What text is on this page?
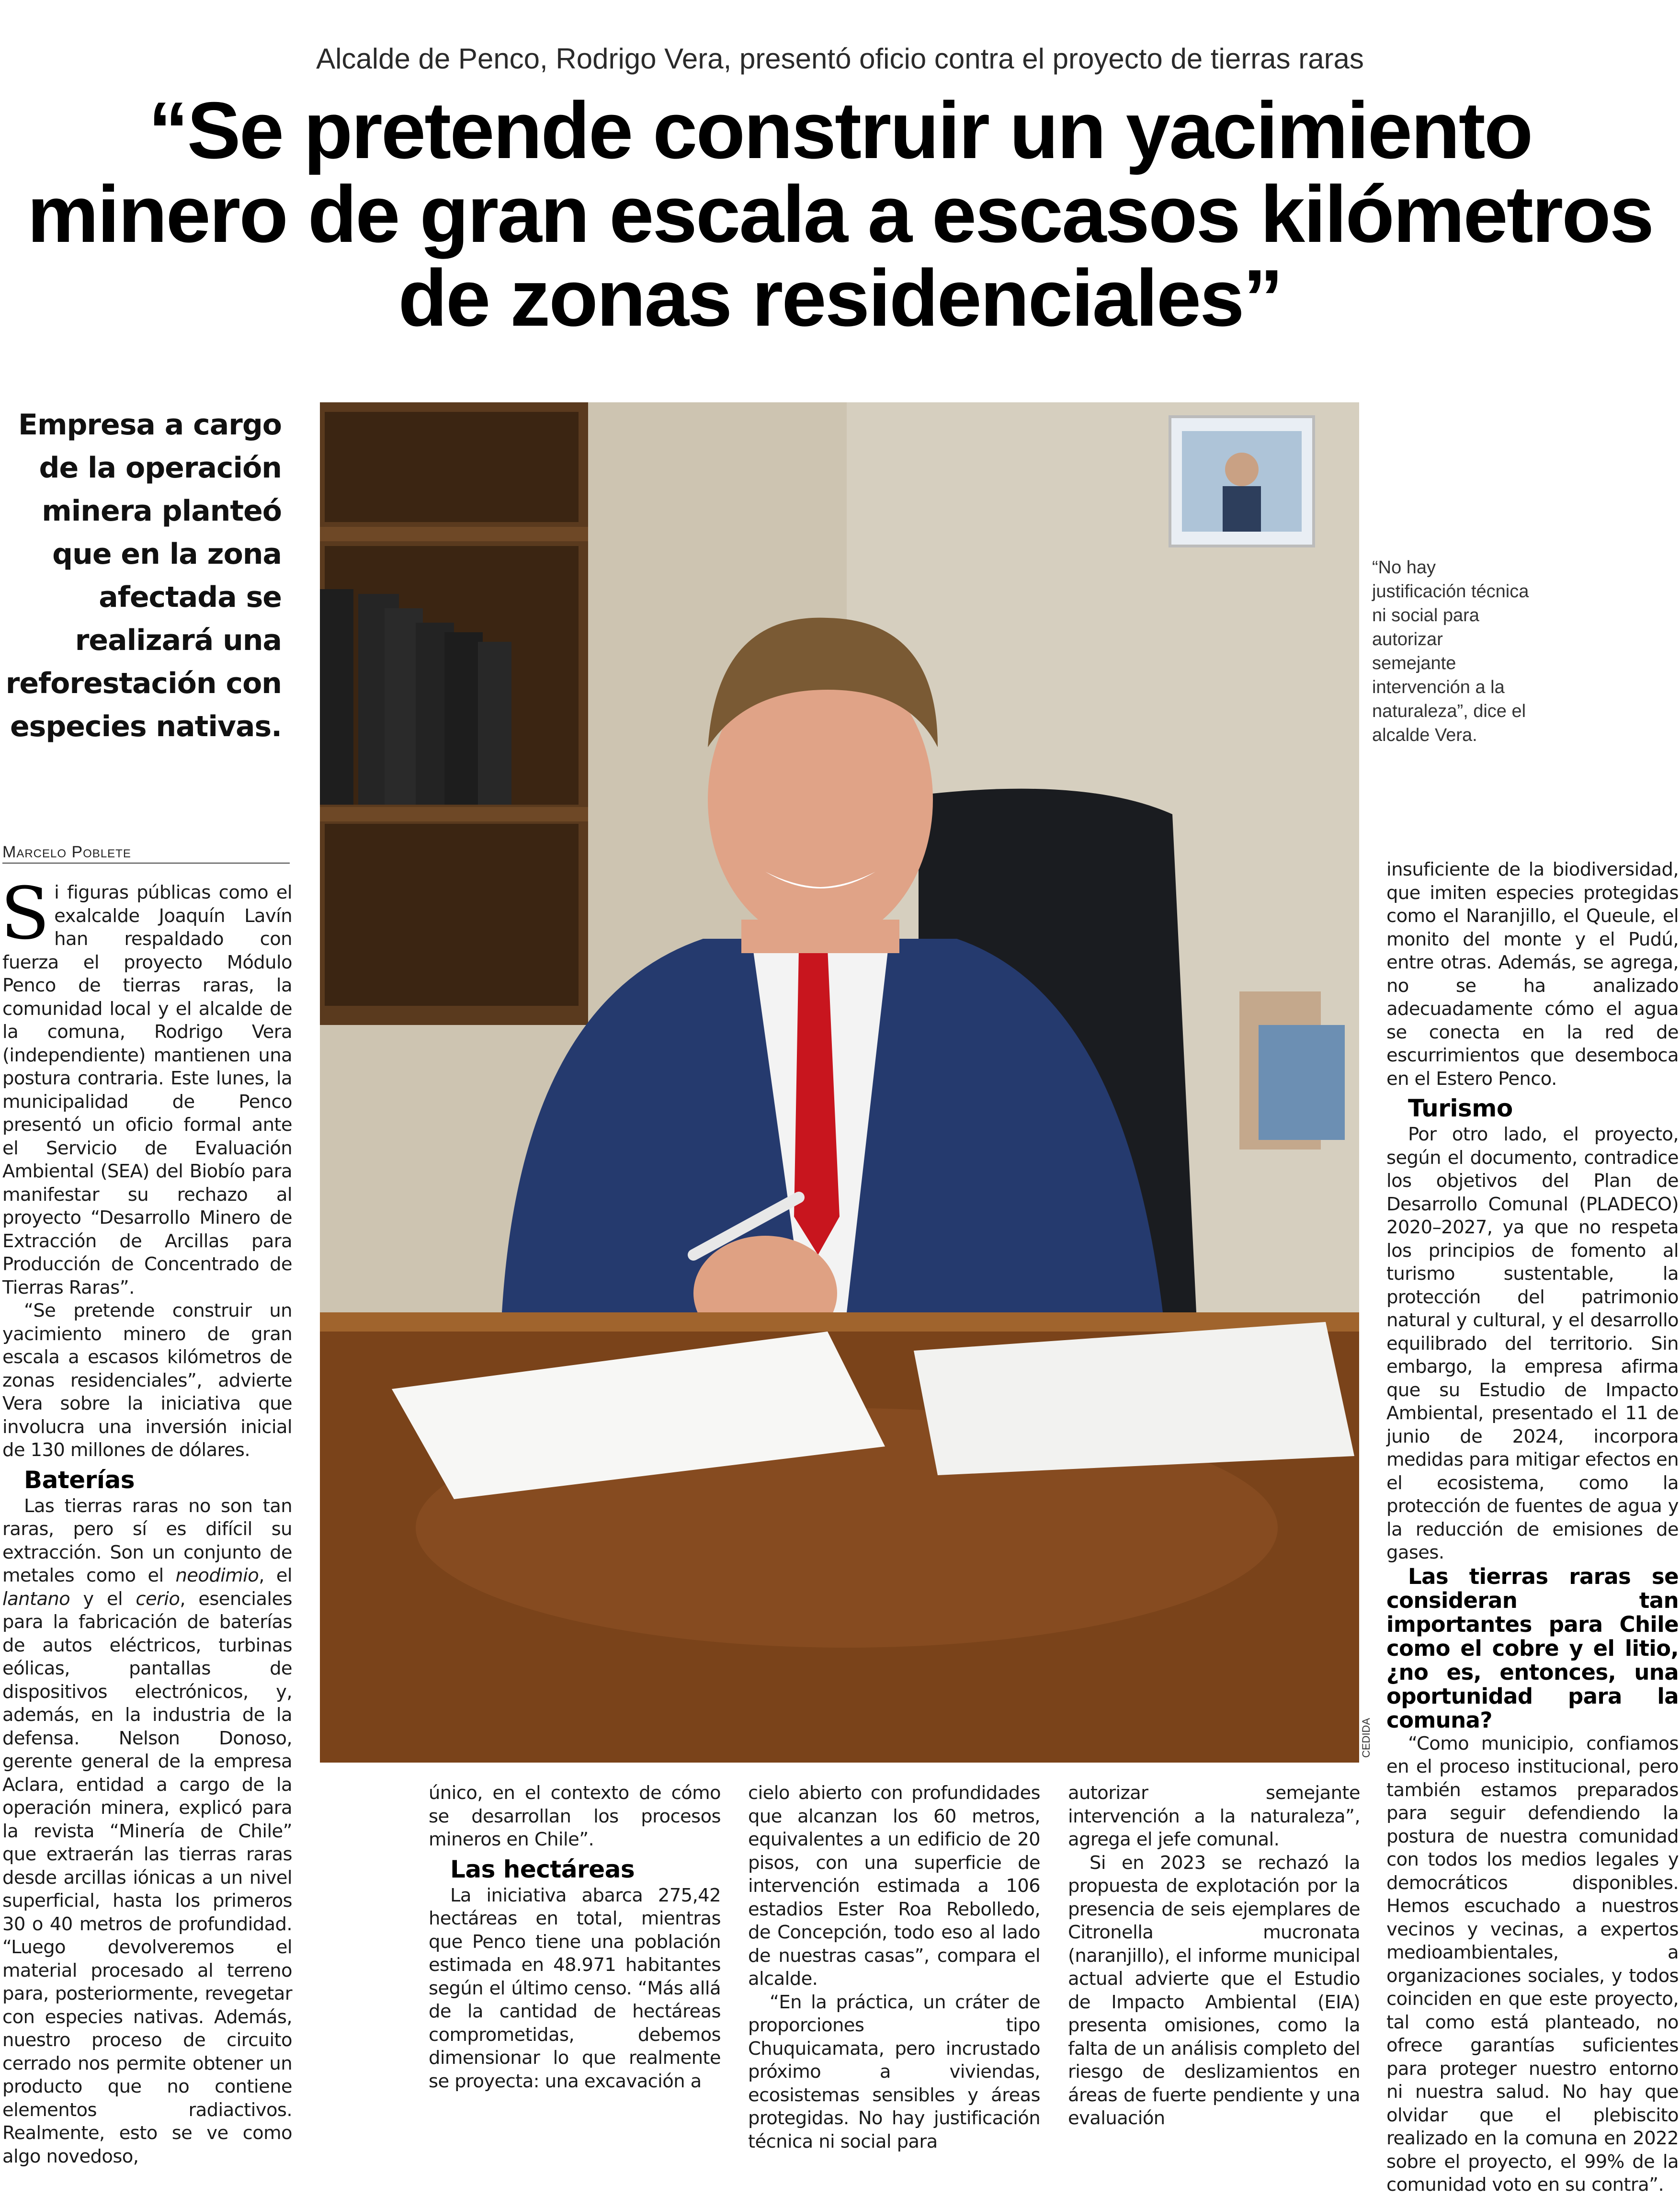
Alcalde de Penco, Rodrigo Vera, presentó oficio contra el proyecto de tierras raras
“Se pretende construir un yacimiento
minero de gran escala a escasos kilómetros
de zonas residenciales”
Empresa a cargo de la operación minera planteó que en la zona afectada se realizará una reforestación con especies nativas.
CEDIDA
“No hay justificación técnica ni social para autorizar semejante intervención a la naturaleza”, dice el alcalde Vera.
Marcelo Poblete

Si figuras públicas como el exalcalde Joaquín Lavín han respaldado con fuerza el proyecto Módulo Penco de tierras raras, la comunidad local y el alcalde de la comuna, Rodrigo Vera (independiente) mantienen una postura contraria. Este lunes, la municipalidad de Penco presentó un oficio formal ante el Servicio de Evaluación Ambiental (SEA) del Biobío para manifestar su rechazo al proyecto “Desarrollo Minero de Extracción de Arcillas para Producción de Concentrado de Tierras Raras”.

“Se pretende construir un yacimiento minero de gran escala a escasos kilómetros de zonas residenciales”, advierte Vera sobre la iniciativa que involucra una inversión inicial de 130 millones de dólares.

Baterías

Las tierras raras no son tan raras, pero sí es difícil su extracción. Son un conjunto de metales como el neodimio, el lantano y el cerio, esenciales para la fabricación de baterías de autos eléctricos, turbinas eólicas, pantallas de dispositivos electrónicos, y, además, en la industria de la defensa. Nelson Donoso, gerente general de la empresa Aclara, entidad a cargo de la operación minera, explicó para la revista “Minería de Chile” que extraerán las tierras raras desde arcillas iónicas a un nivel superficial, hasta los primeros 30 o 40 metros de profundidad. “Luego devolveremos el material procesado al terreno para, posteriormente, revegetar con especies nativas. Además, nuestro proceso de circuito cerrado nos permite obtener un producto que no contiene elementos radiactivos. Realmente, esto se ve como algo novedoso,

único, en el contexto de cómo se desarrollan los procesos mineros en Chile”.

Las hectáreas

La iniciativa abarca 275,42 hectáreas en total, mientras que Penco tiene una población estimada en 48.971 habitantes según el último censo. “Más allá de la cantidad de hectáreas comprometidas, debemos dimensionar lo que realmente se proyecta: una excavación a

cielo abierto con profundidades que alcanzan los 60 metros, equivalentes a un edificio de 20 pisos, con una superficie de intervención estimada a 106 estadios Ester Roa Rebolledo, de Concepción, todo eso al lado de nuestras casas”, compara el alcalde.

“En la práctica, un cráter de proporciones tipo Chuquicamata, pero incrustado próximo a viviendas, ecosistemas sensibles y áreas protegidas. No hay justificación técnica ni social para

autorizar semejante intervención a la naturaleza”, agrega el jefe comunal.

Si en 2023 se rechazó la propuesta de explotación por la presencia de seis ejemplares de Citronella mucronata (naranjillo), el informe municipal actual advierte que el Estudio de Impacto Ambiental (EIA) presenta omisiones, como la falta de un análisis completo del riesgo de deslizamientos en áreas de fuerte pendiente y una evaluación

insuficiente de la biodiversidad, que imiten especies protegidas como el Naranjillo, el Queule, el monito del monte y el Pudú, entre otras. Además, se agrega, no se ha analizado adecuadamente cómo el agua se conecta en la red de escurrimientos que desemboca en el Estero Penco.

Turismo

Por otro lado, el proyecto, según el documento, contradice los objetivos del Plan de Desarrollo Comunal (PLADECO) 2020–2027, ya que no respeta los principios de fomento al turismo sustentable, la protección del patrimonio natural y cultural, y el desarrollo equilibrado del territorio. Sin embargo, la empresa afirma que su Estudio de Impacto Ambiental, presentado el 11 de junio de 2024, incorpora medidas para mitigar efectos en el ecosistema, como la protección de fuentes de agua y la reducción de emisiones de gases.

Las tierras raras se consideran tan importantes para Chile como el cobre y el litio, ¿no es, entonces, una oportunidad para la comuna?

“Como municipio, confiamos en el proceso institucional, pero también estamos preparados para seguir defendiendo la postura de nuestra comunidad con todos los medios legales y democráticos disponibles. Hemos escuchado a nuestros vecinos y vecinas, a expertos medioambientales, a organizaciones sociales, y todos coinciden en que este proyecto, tal como está planteado, no ofrece garantías suficientes para proteger nuestro entorno ni nuestra salud. No hay que olvidar que el plebiscito realizado en la comuna en 2022 sobre el proyecto, el 99% de la comunidad voto en su contra”.
